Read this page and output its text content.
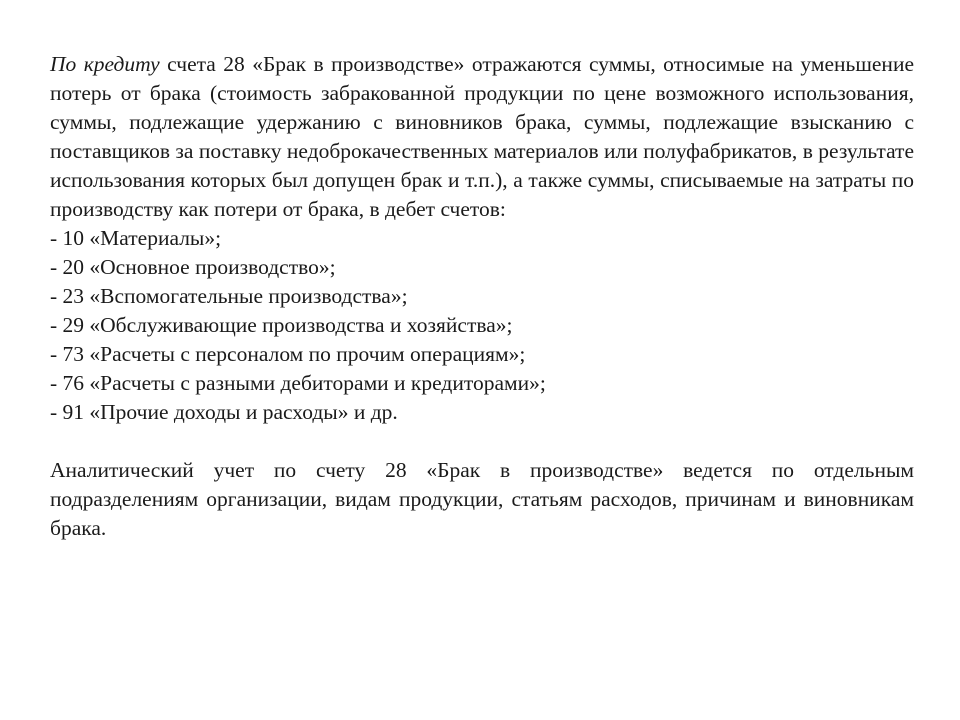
По кредиту счета 28 «Брак в производстве» отражаются суммы, относимые на уменьшение потерь от брака (стоимость забракованной продукции по цене возможного использования, суммы, подлежащие удержанию с виновников брака, суммы, подлежащие взысканию с поставщиков за поставку недоброкачественных материалов или полуфабрикатов, в результате использования которых был допущен брак и т.п.), а также суммы, списываемые на затраты по производству как потери от брака, в дебет счетов:

- 10 «Материалы»;
- 20 «Основное производство»;
- 23 «Вспомогательные производства»;
- 29 «Обслуживающие производства и хозяйства»;
- 73 «Расчеты с персоналом по прочим операциям»;
- 76 «Расчеты с разными дебиторами и кредиторами»;
- 91 «Прочие доходы и расходы» и др.

Аналитический учет по счету 28 «Брак в производстве» ведется по отдельным подразделениям организации, видам продукции, статьям расходов, причинам и виновникам брака.
